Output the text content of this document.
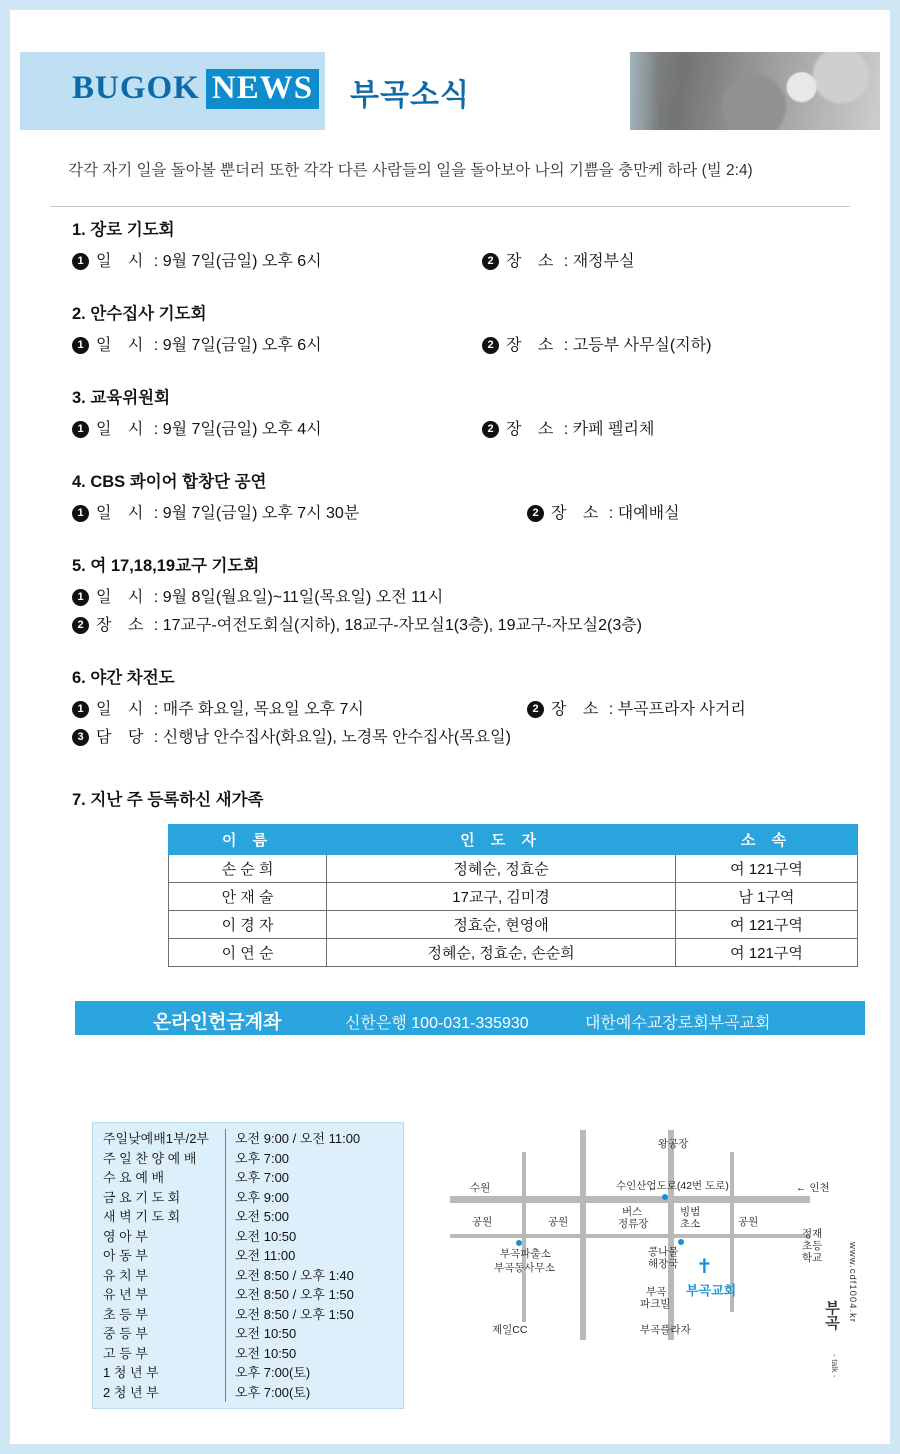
BUGOK NEWS 부곡소식
각각 자기 일을 돌아볼 뿐더러 또한 각각 다른 사람들의 일을 돌아보아 나의 기쁨을 충만케 하라 (빌 2:4)
1. 장로 기도회
1 일 시 : 9월 7일(금일) 오후 6시	2 장 소 : 재정부실
2. 안수집사 기도회
1 일 시 : 9월 7일(금일) 오후 6시	2 장 소 : 고등부 사무실(지하)
3. 교육위원회
1 일 시 : 9월 7일(금일) 오후 4시	2 장 소 : 카페 펠리체
4. CBS 콰이어 합창단 공연
1 일 시 : 9월 7일(금일) 오후 7시 30분	2 장 소 : 대예배실
5. 여 17,18,19교구 기도회
1 일 시 : 9월 8일(월요일)~11일(목요일) 오전 11시
2 장 소 : 17교구-여전도회실(지하), 18교구-자모실1(3층), 19교구-자모실2(3층)
6. 야간 차전도
1 일 시 : 매주 화요일, 목요일 오후 7시	2 장 소 : 부곡프라자 사거리
3 담 당 : 신행남 안수집사(화요일), 노경목 안수집사(목요일)
7. 지난 주 등록하신 새가족
이 름	인 도 자	소 속
손 순 희	정혜순, 정효순	여 121구역
안 재 술	17교구, 김미경	남 1구역
이 경 자	정효순, 현영애	여 121구역
이 연 순	정혜순, 정효순, 손순희	여 121구역
온라인헌금계좌	신한은행 100-031-335930	대한예수교장로회부곡교회
주일낮예배1부/2부	오전 9:00 / 오전 11:00
주 일 찬 양 예 배	오후 7:00
수 요 예 배	오후 7:00
금 요 기 도 회	오후 9:00
새 벽 기 도 회	오전 5:00
영 아 부	오전 10:50
아 동 부	오전 11:00
유 치 부	오전 8:50 / 오후 1:40
유 년 부	오전 8:50 / 오후 1:50
초 등 부	오전 8:50 / 오후 1:50
중 등 부	오전 10:50
고 등 부	오전 10:50
1 청 년 부	오후 7:00(토)
2 청 년 부	오후 7:00(토)
✝
부곡교회
왕공장
수원	수인산업도로(42번 도로)	← 인천
공원	공원
버스
정류장
빙범
초소	공원
정재
초등
학교
부곡파출소
부곡동사무소
콩나물
해장국
부곡
파크빌
제일CC	부곡플라자
www.cdf1004.kr
부곡
- talk -
